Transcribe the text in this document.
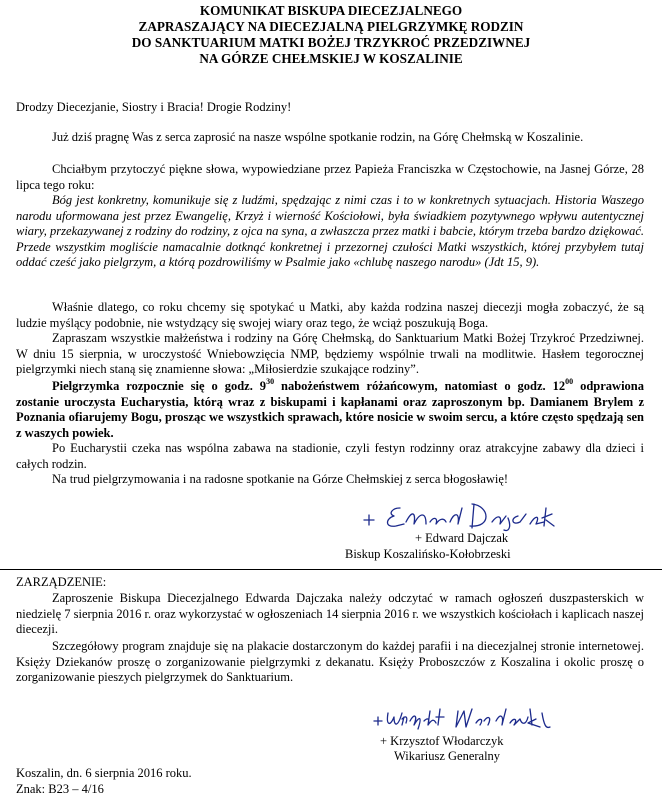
KOMUNIKAT BISKUPA DIECEZJALNEGO
ZAPRASZAJĄCY NA DIECEZJALNĄ PIELGRZYMKĘ RODZIN
DO SANKTUARIUM MATKI BOŻEJ TRZYKROĆ PRZEDZIWNEJ
NA GÓRZE CHEŁMSKIEJ W KOSZALINIE
Drodzy Diecezjanie, Siostry i Bracia! Drogie Rodziny!
Już dziś pragnę Was z serca zaprosić na nasze wspólne spotkanie rodzin, na Górę Chełmską w Koszalinie.
Chciałbym przytoczyć piękne słowa, wypowiedziane przez Papieża Franciszka w Częstochowie, na Jasnej Górze, 28 lipca tego roku:
Bóg jest konkretny, komunikuje się z ludźmi, spędzając z nimi czas i to w konkretnych sytuacjach. Historia Waszego narodu uformowana jest przez Ewangelię, Krzyż i wierność Kościołowi, była świadkiem pozytywnego wpływu autentycznej wiary, przekazywanej z rodziny do rodziny, z ojca na syna, a zwłaszcza przez matki i babcie, którym trzeba bardzo dziękować. Przede wszystkim mogliście namacalnie dotknąć konkretnej i przezornej czułości Matki wszystkich, której przybyłem tutaj oddać cześć jako pielgrzym, a którą pozdrowiliśmy w Psalmie jako «chlubę naszego narodu» (Jdt 15, 9).
Właśnie dlatego, co roku chcemy się spotykać u Matki, aby każda rodzina naszej diecezji mogła zobaczyć, że są ludzie myślący podobnie, nie wstydzący się swojej wiary oraz tego, że wciąż poszukują Boga.
Zapraszam wszystkie małżeństwa i rodziny na Górę Chełmską, do Sanktuarium Matki Bożej Trzykroć Przedziwnej. W dniu 15 sierpnia, w uroczystość Wniebowzięcia NMP, będziemy wspólnie trwali na modlitwie. Hasłem tegorocznej pielgrzymki niech staną się znamienne słowa: „Miłosierdzie szukające rodziny”.
Pielgrzymka rozpocznie się o godz. $9^{30}$ nabożeństwem różańcowym, natomiast o godz. $12^{00}$ odprawiona zostanie uroczysta Eucharystia, którą wraz z biskupami i kapłanami oraz zaproszonym bp. Damianem Brylem z Poznania ofiarujemy Bogu, prosząc we wszystkich sprawach, które nosicie w swoim sercu, a które często spędzają sen z waszych powiek.
Po Eucharystii czeka nas wspólna zabawa na stadionie, czyli festyn rodzinny oraz atrakcyjne zabawy dla dzieci i całych rodzin.
Na trud pielgrzymowania i na radosne spotkanie na Górze Chełmskiej z serca błogosławię!
+ Edward Dajczak
Biskup Koszalińsko-Kołobrzeski
ZARZĄDZENIE:
Zaproszenie Biskupa Diecezjalnego Edwarda Dajczaka należy odczytać w ramach ogłoszeń duszpasterskich w niedzielę 7 sierpnia 2016 r. oraz wykorzystać w ogłoszeniach 14 sierpnia 2016 r. we wszystkich kościołach i kaplicach naszej diecezji.
Szczegółowy program znajduje się na plakacie dostarczonym do każdej parafii i na diecezjalnej stronie internetowej. Księży Dziekanów proszę o zorganizowanie pielgrzymki z dekanatu. Księży Proboszczów z Koszalina i okolic proszę o zorganizowanie pieszych pielgrzymek do Sanktuarium.
+ Krzysztof Włodarczyk
Wikariusz Generalny
Koszalin, dn. 6 sierpnia 2016 roku.
Znak: B23 – 4/16
